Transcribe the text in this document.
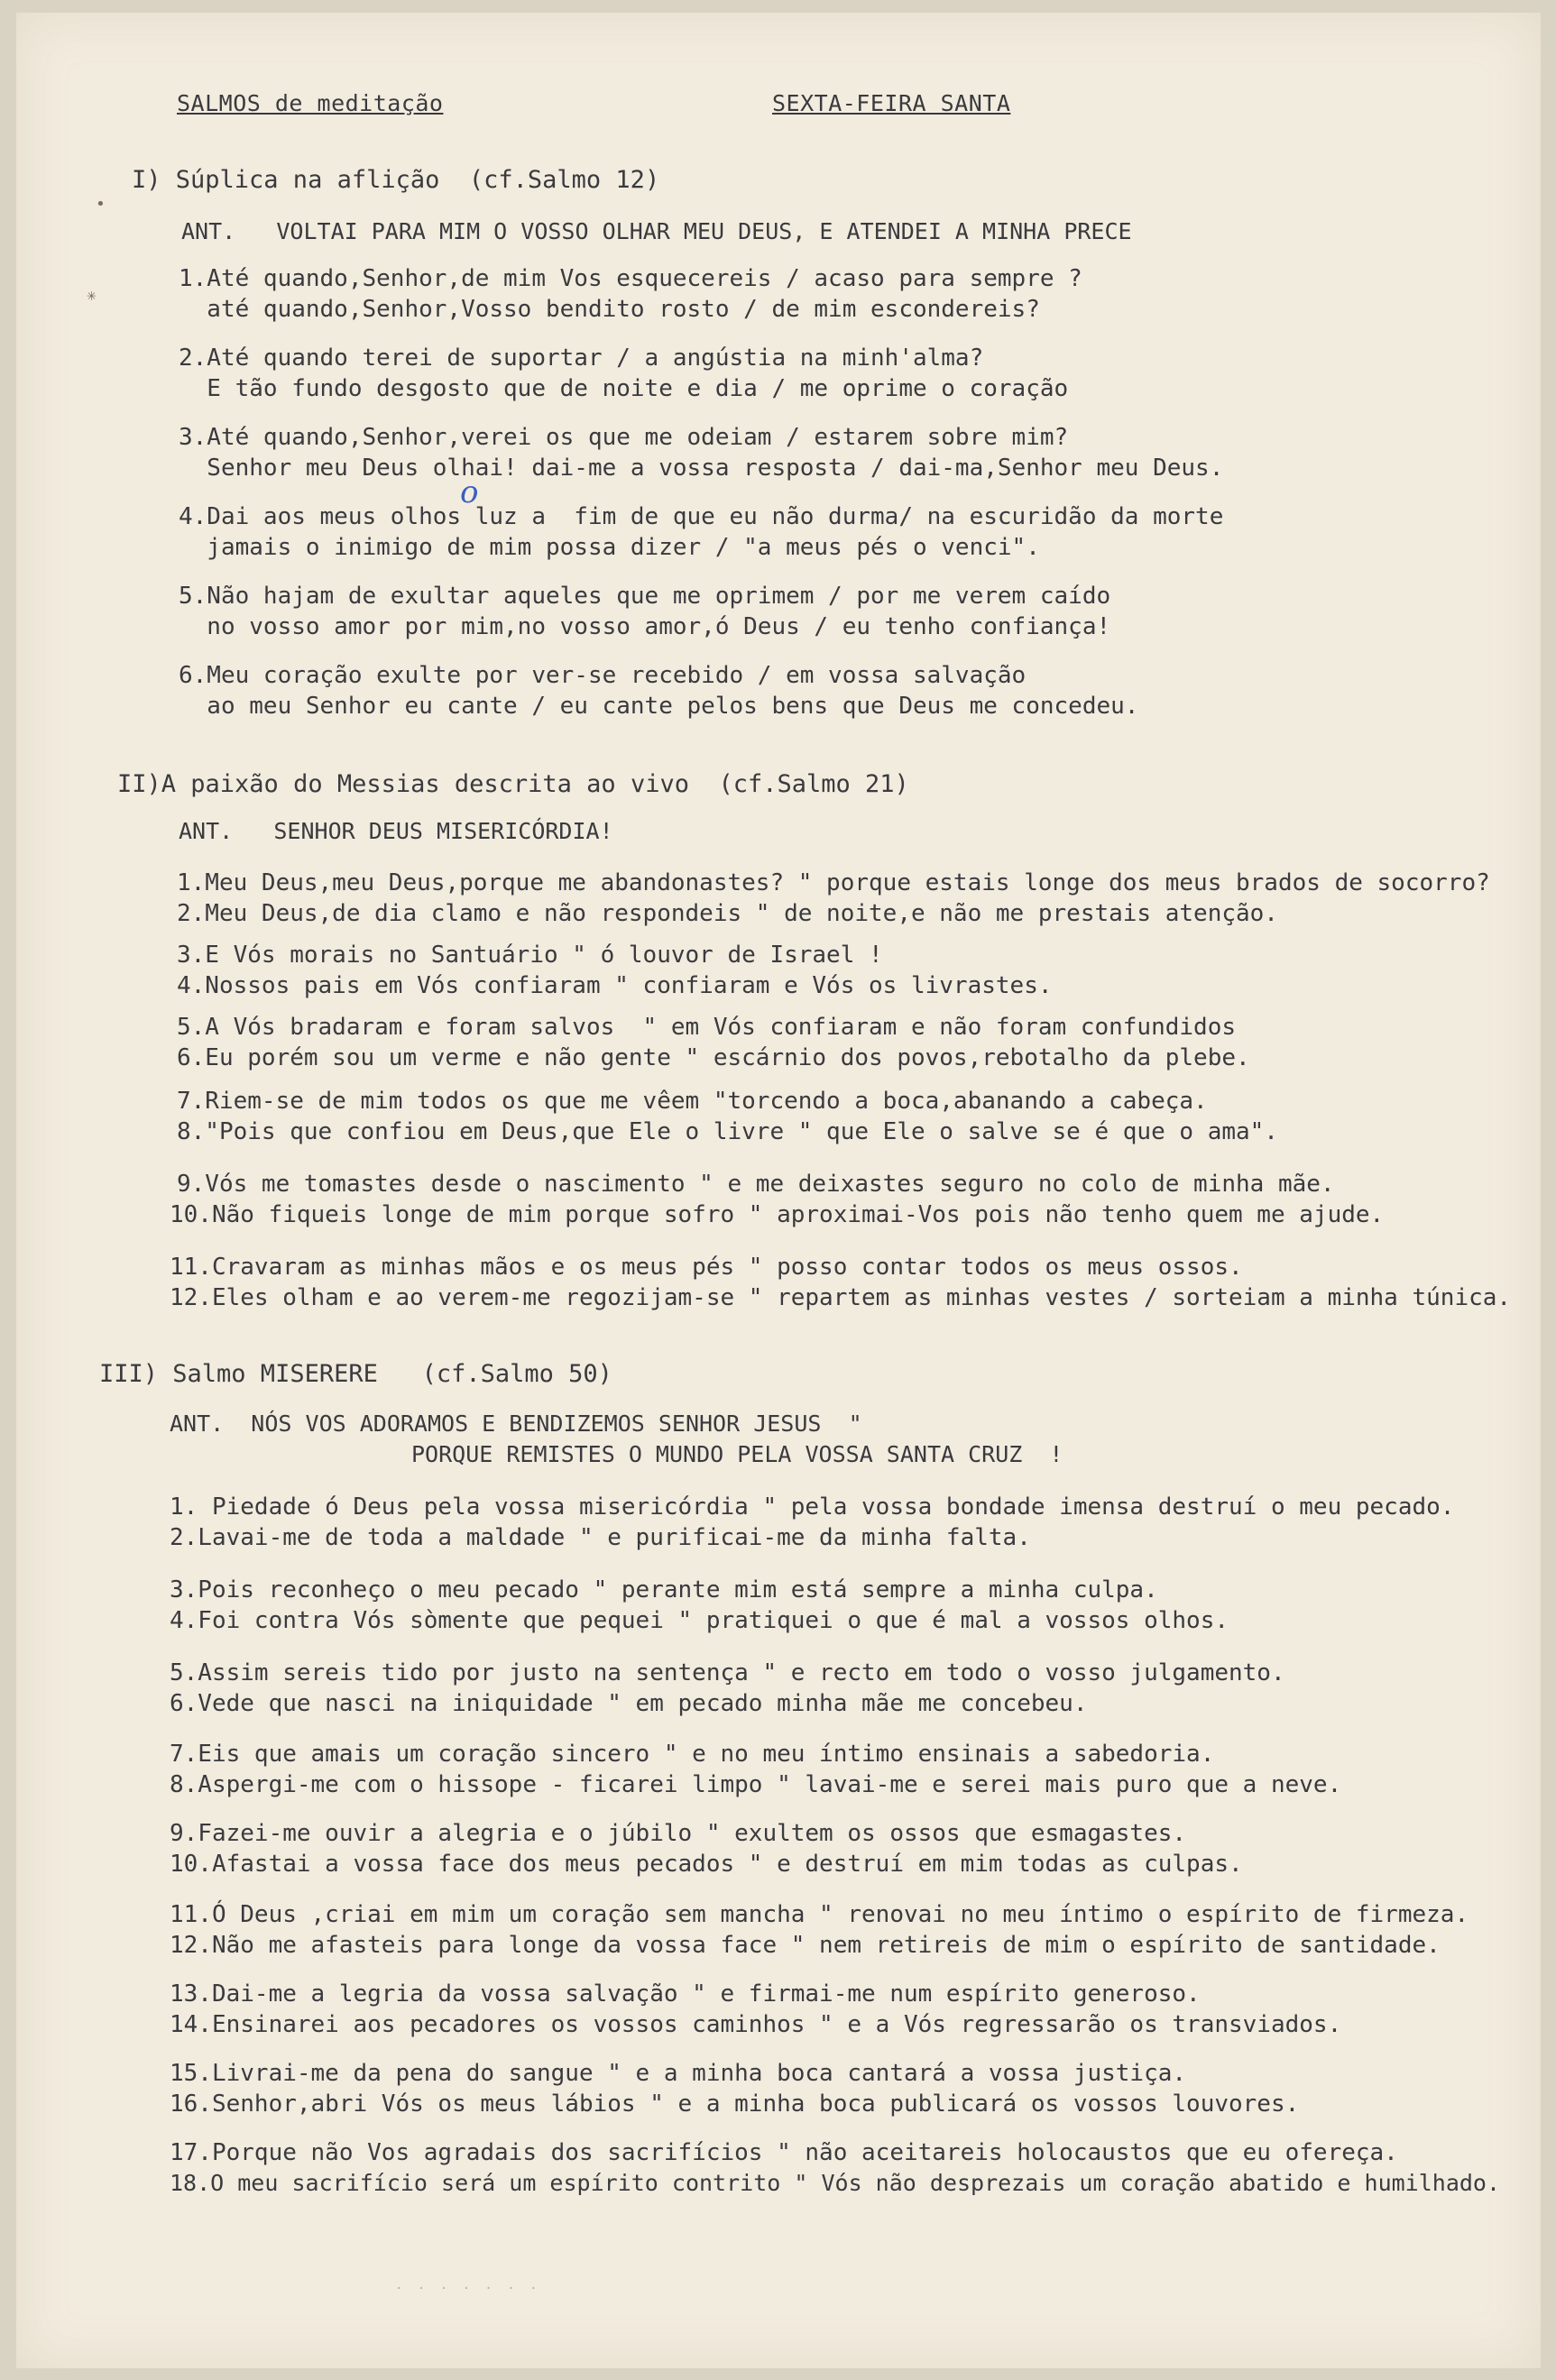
SALMOS de meditação	SEXTA-FEIRA SANTA
•
✳
I) Súplica na aflição  (cf.Salmo 12)
ANT.   VOLTAI PARA MIM O VOSSO OLHAR MEU DEUS, E ATENDEI A MINHA PRECE
1.Até quando,Senhor,de mim Vos esquecereis / acaso para sempre ?
até quando,Senhor,Vosso bendito rosto / de mim escondereis?
2.Até quando terei de suportar / a angústia na minh'alma?
E tão fundo desgosto que de noite e dia / me oprime o coração
3.Até quando,Senhor,verei os que me odeiam / estarem sobre mim?
Senhor meu Deus olhai! dai-me a vossa resposta / dai-ma,Senhor meu Deus.
4.Dai aos meus olhos luz a  fim de que eu não durma/ na escuridão da morte
jamais o inimigo de mim possa dizer / "a meus pés o venci".
5.Não hajam de exultar aqueles que me oprimem / por me verem caído
no vosso amor por mim,no vosso amor,ó Deus / eu tenho confiança!
6.Meu coração exulte por ver-se recebido / em vossa salvação
ao meu Senhor eu cante / eu cante pelos bens que Deus me concedeu.
o
II)A paixão do Messias descrita ao vivo  (cf.Salmo 21)
ANT.   SENHOR DEUS MISERICÓRDIA!
1.Meu Deus,meu Deus,porque me abandonastes? " porque estais longe dos meus brados de socorro?
2.Meu Deus,de dia clamo e não respondeis " de noite,e não me prestais atenção.
3.E Vós morais no Santuário " ó louvor de Israel !
4.Nossos pais em Vós confiaram " confiaram e Vós os livrastes.
5.A Vós bradaram e foram salvos  " em Vós confiaram e não foram confundidos
6.Eu porém sou um verme e não gente " escárnio dos povos,rebotalho da plebe.
7.Riem-se de mim todos os que me vêem "torcendo a boca,abanando a cabeça.
8."Pois que confiou em Deus,que Ele o livre " que Ele o salve se é que o ama".
9.Vós me tomastes desde o nascimento " e me deixastes seguro no colo de minha mãe.
10.Não fiqueis longe de mim porque sofro " aproximai-Vos pois não tenho quem me ajude.
11.Cravaram as minhas mãos e os meus pés " posso contar todos os meus ossos.
12.Eles olham e ao verem-me regozijam-se " repartem as minhas vestes / sorteiam a minha túnica.
III) Salmo MISERERE   (cf.Salmo 50)
ANT.  NÓS VOS ADORAMOS E BENDIZEMOS SENHOR JESUS  "
PORQUE REMISTES O MUNDO PELA VOSSA SANTA CRUZ  !
1. Piedade ó Deus pela vossa misericórdia " pela vossa bondade imensa destruí o meu pecado.
2.Lavai-me de toda a maldade " e purificai-me da minha falta.
3.Pois reconheço o meu pecado " perante mim está sempre a minha culpa.
4.Foi contra Vós sòmente que pequei " pratiquei o que é mal a vossos olhos.
5.Assim sereis tido por justo na sentença " e recto em todo o vosso julgamento.
6.Vede que nasci na iniquidade " em pecado minha mãe me concebeu.
7.Eis que amais um coração sincero " e no meu íntimo ensinais a sabedoria.
8.Aspergi-me com o hissope - ficarei limpo " lavai-me e serei mais puro que a neve.
9.Fazei-me ouvir a alegria e o júbilo " exultem os ossos que esmagastes.
10.Afastai a vossa face dos meus pecados " e destruí em mim todas as culpas.
11.Ó Deus ,criai em mim um coração sem mancha " renovai no meu íntimo o espírito de firmeza.
12.Não me afasteis para longe da vossa face " nem retireis de mim o espírito de santidade.
13.Dai-me a legria da vossa salvação " e firmai-me num espírito generoso.
14.Ensinarei aos pecadores os vossos caminhos " e a Vós regressarão os transviados.
15.Livrai-me da pena do sangue " e a minha boca cantará a vossa justiça.
16.Senhor,abri Vós os meus lábios " e a minha boca publicará os vossos louvores.
17.Porque não Vos agradais dos sacrifícios " não aceitareis holocaustos que eu ofereça.
18.O meu sacrifício será um espírito contrito " Vós não desprezais um coração abatido e humilhado.
· · · · · · ·
